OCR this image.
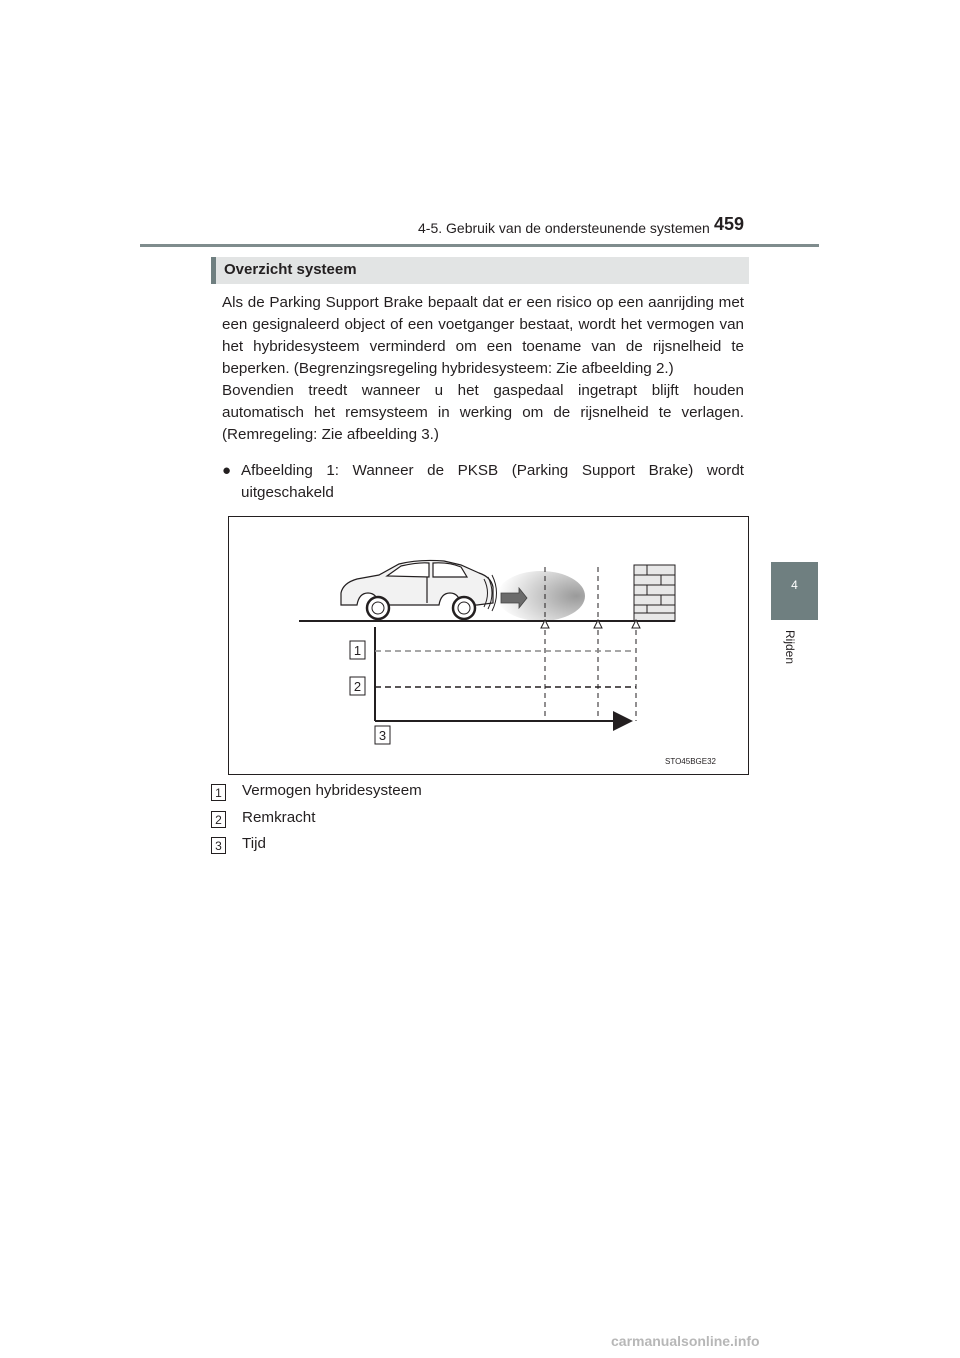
4-5. Gebruik van de ondersteunende systemen 459
4
Rijden
Overzicht systeem

Als de Parking Support Brake bepaalt dat er een risico op een aanrijding met een gesignaleerd object of een voetganger bestaat, wordt het vermogen van het hybridesysteem verminderd om een toename van de rijsnelheid te beperken. (Begrenzingsregeling hybridesysteem: Zie afbeelding 2.)

Bovendien treedt wanneer u het gaspedaal ingetrapt blijft houden automatisch het remsysteem in werking om de rijsnelheid te verlagen. (Remregeling: Zie afbeelding 3.)

● Afbeelding 1: Wanneer de PKSB (Parking Support Brake) wordt uitgeschakeld
1
2
3
STO45BGE32
1 Vermogen hybridesysteem
2 Remkracht
3 Tijd
carmanualsonline.info
